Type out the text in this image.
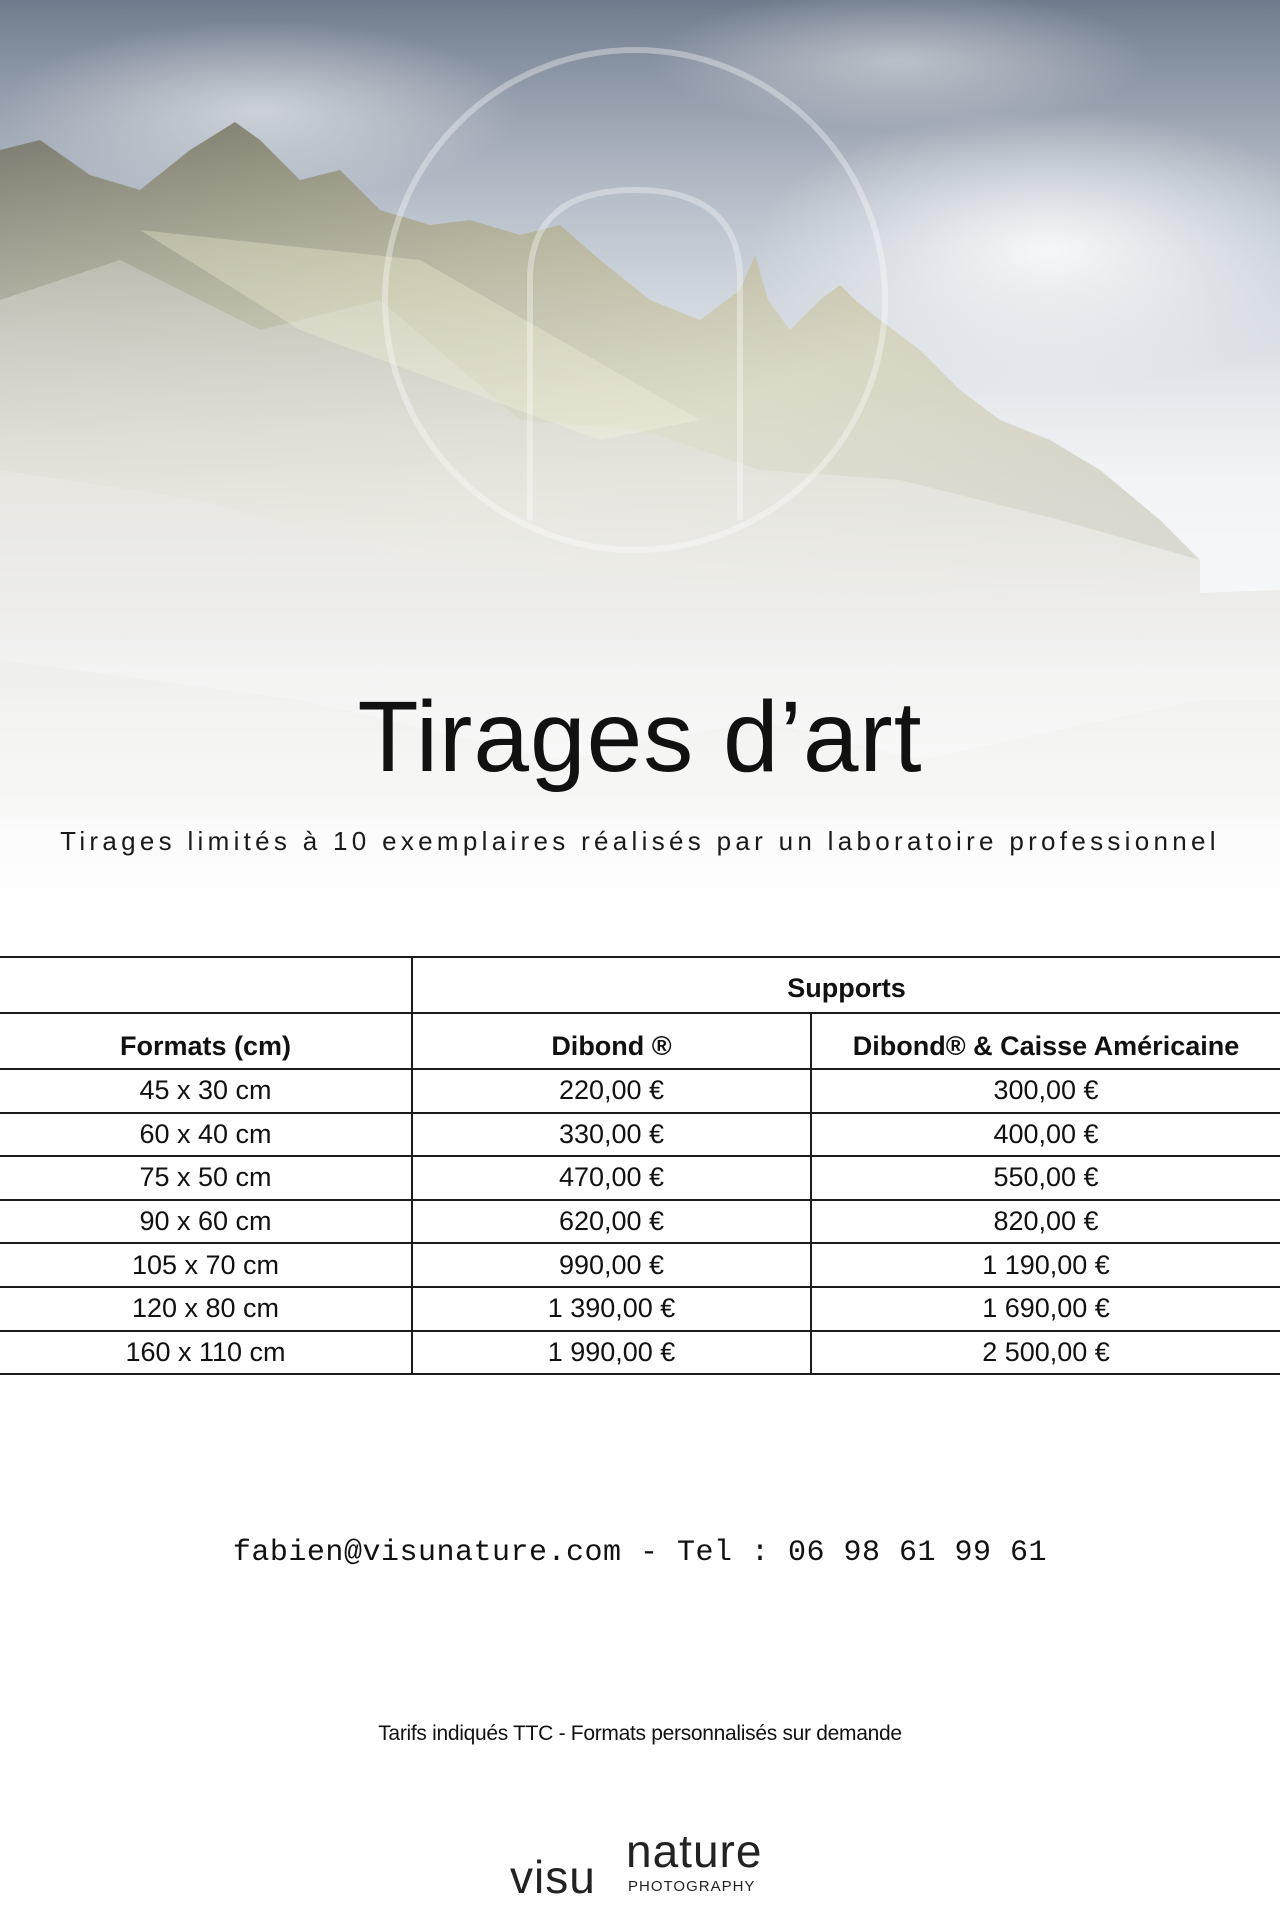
Tirages d’art

Tirages limités à 10 exemplaires réalisés par un laboratoire professionnel

	Supports	
Formats (cm)	Dibond ®	Dibond® & Caisse Américaine
45 x 30 cm	220,00 €	300,00 €
60 x 40 cm	330,00 €	400,00 €
75 x 50 cm	470,00 €	550,00 €
90 x 60 cm	620,00 €	820,00 €
105 x 70 cm	990,00 €	1 190,00 €
120 x 80 cm	1 390,00 €	1 690,00 €
160 x 110 cm	1 990,00 €	2 500,00 €

fabien@visunature.com - Tel : 06 98 61 99 61

Tarifs indiqués TTC - Formats personnalisés sur demande

visu nature
PHOTOGRAPHY
